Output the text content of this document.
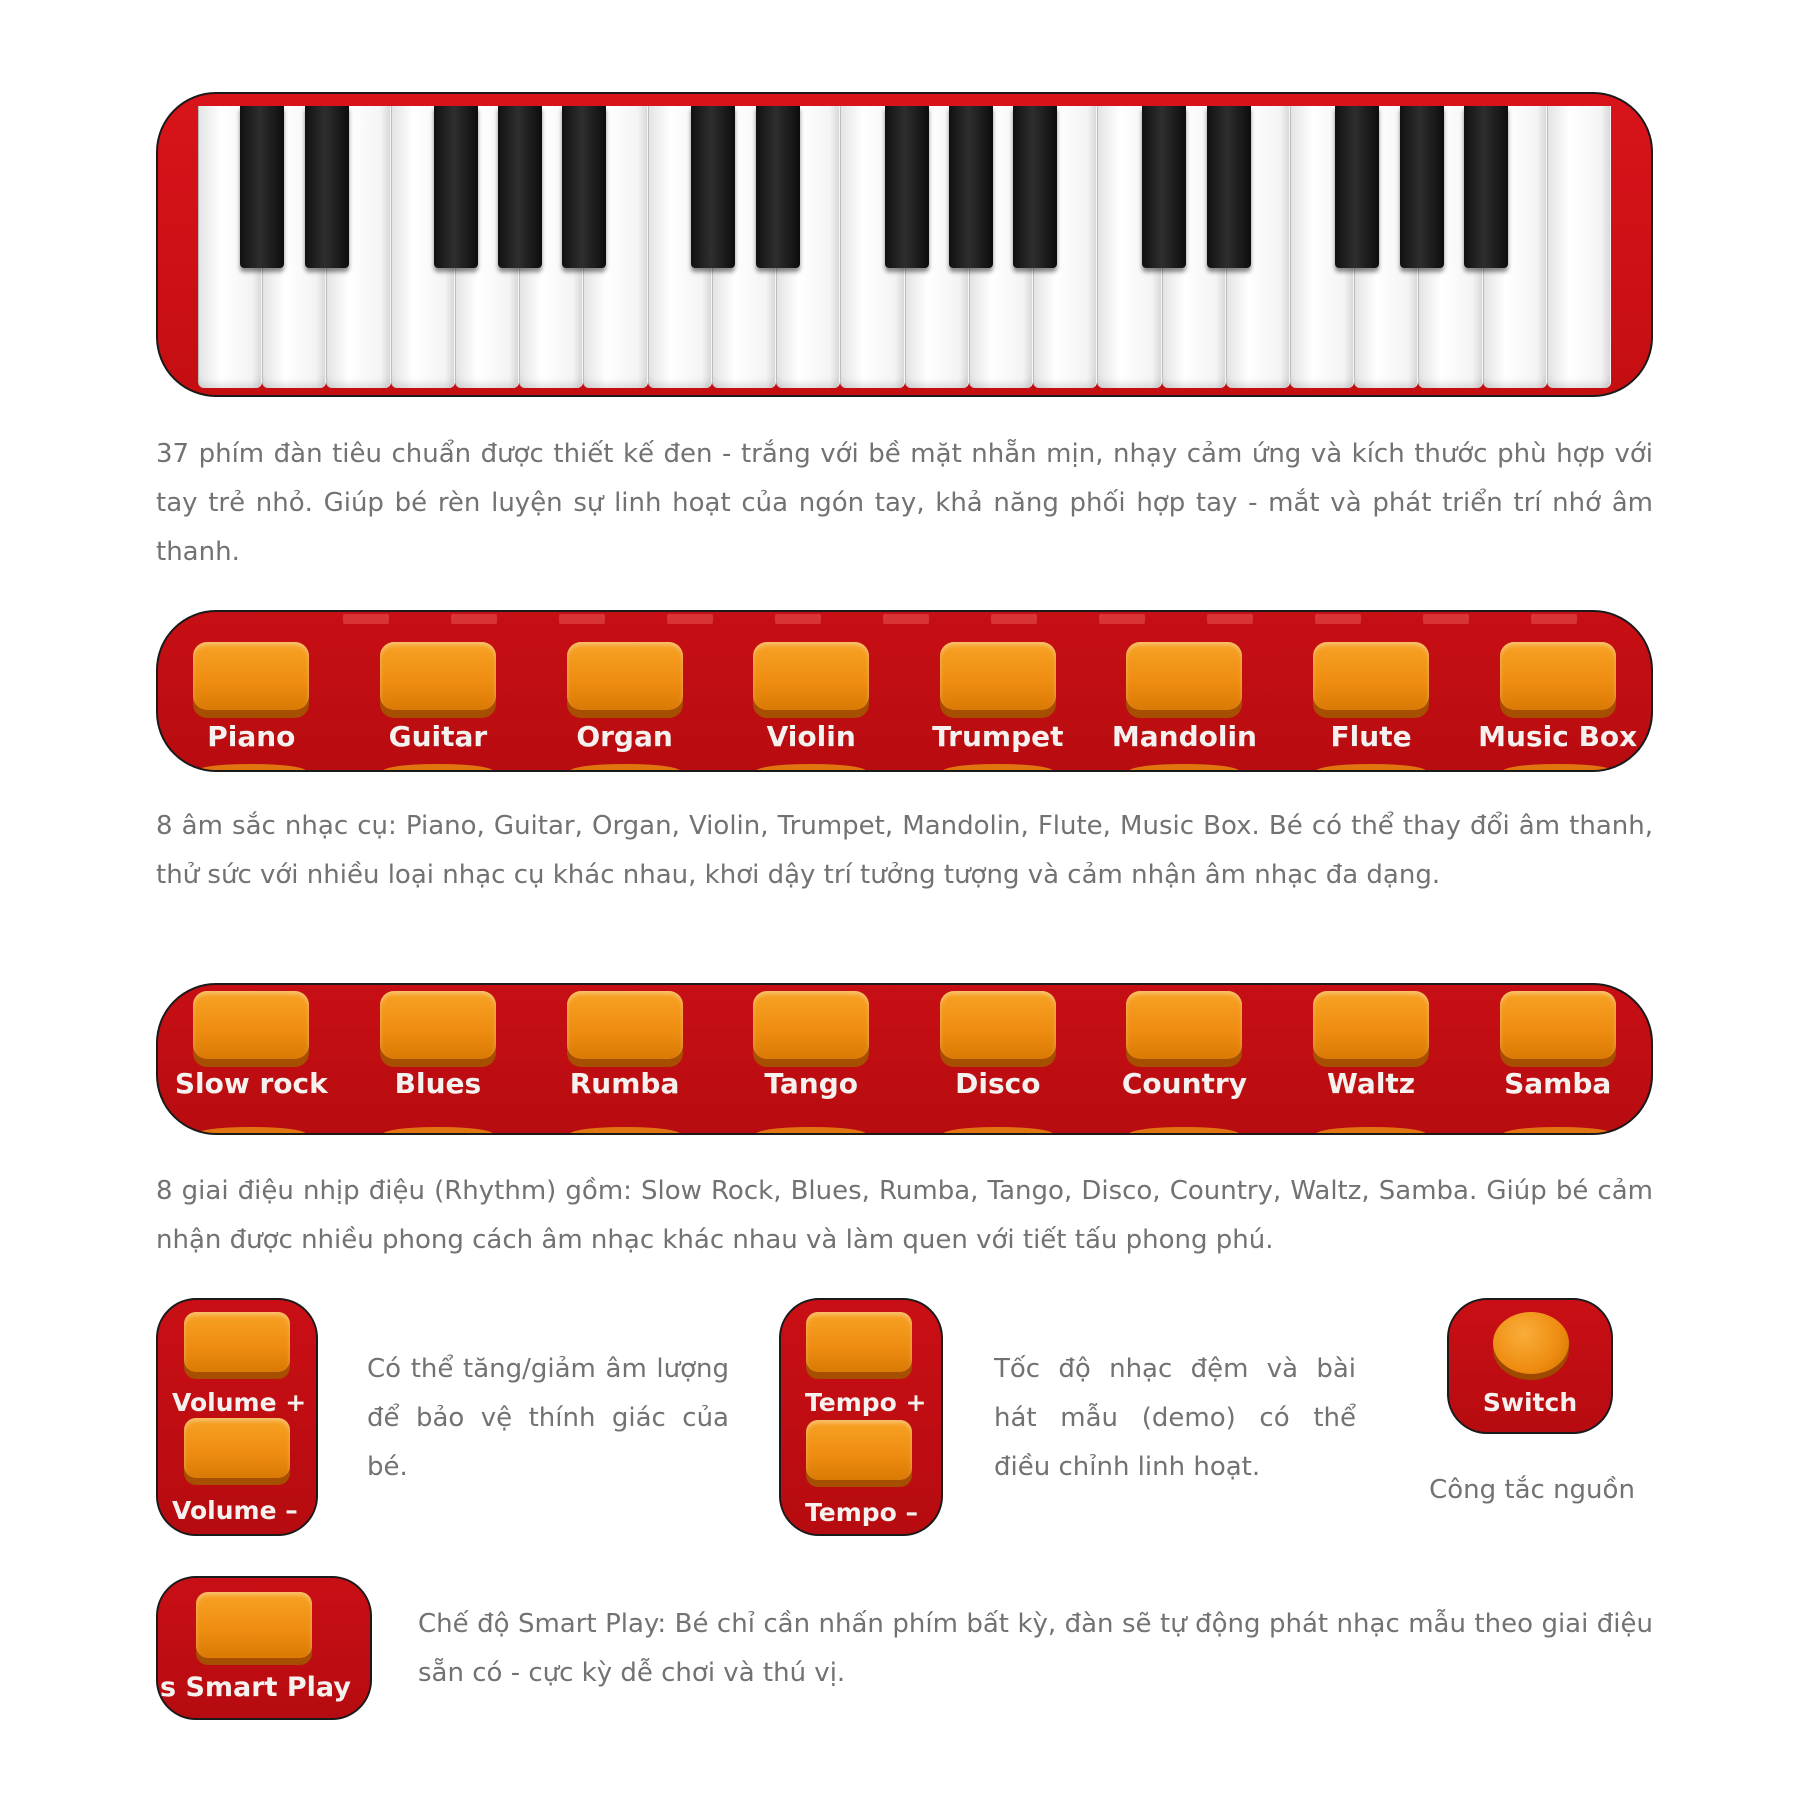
37 phím đàn tiêu chuẩn được thiết kế đen - trắng với bề mặt nhẵn mịn, nhạy cảm ứng và kích thước phù hợp với tay trẻ nhỏ. Giúp bé rèn luyện sự linh hoạt của ngón tay, khả năng phối hợp tay - mắt và phát triển trí nhớ âm thanh.
Piano	Guitar	Organ	Violin	Trumpet	Mandolin	Flute	Music Box
8 âm sắc nhạc cụ: Piano, Guitar, Organ, Violin, Trumpet, Mandolin, Flute, Music Box. Bé có thể thay đổi âm thanh, thử sức với nhiều loại nhạc cụ khác nhau, khơi dậy trí tưởng tượng và cảm nhận âm nhạc đa dạng.
Slow rock	Blues	Rumba	Tango	Disco	Country	Waltz	Samba
8 giai điệu nhịp điệu (Rhythm) gồm: Slow Rock, Blues, Rumba, Tango, Disco, Country, Waltz, Samba. Giúp bé cảm nhận được nhiều phong cách âm nhạc khác nhau và làm quen với tiết tấu phong phú.
Volume +
Volume –
Có thể tăng/giảm âm lượng để bảo vệ thính giác của bé.
Tempo +
Tempo –
Tốc độ nhạc đệm và bài hát mẫu (demo) có thể điều chỉnh linh hoạt.
Switch
Công tắc nguồn
s Smart Play
Chế độ Smart Play: Bé chỉ cần nhấn phím bất kỳ, đàn sẽ tự động phát nhạc mẫu theo giai điệu sẵn có - cực kỳ dễ chơi và thú vị.
